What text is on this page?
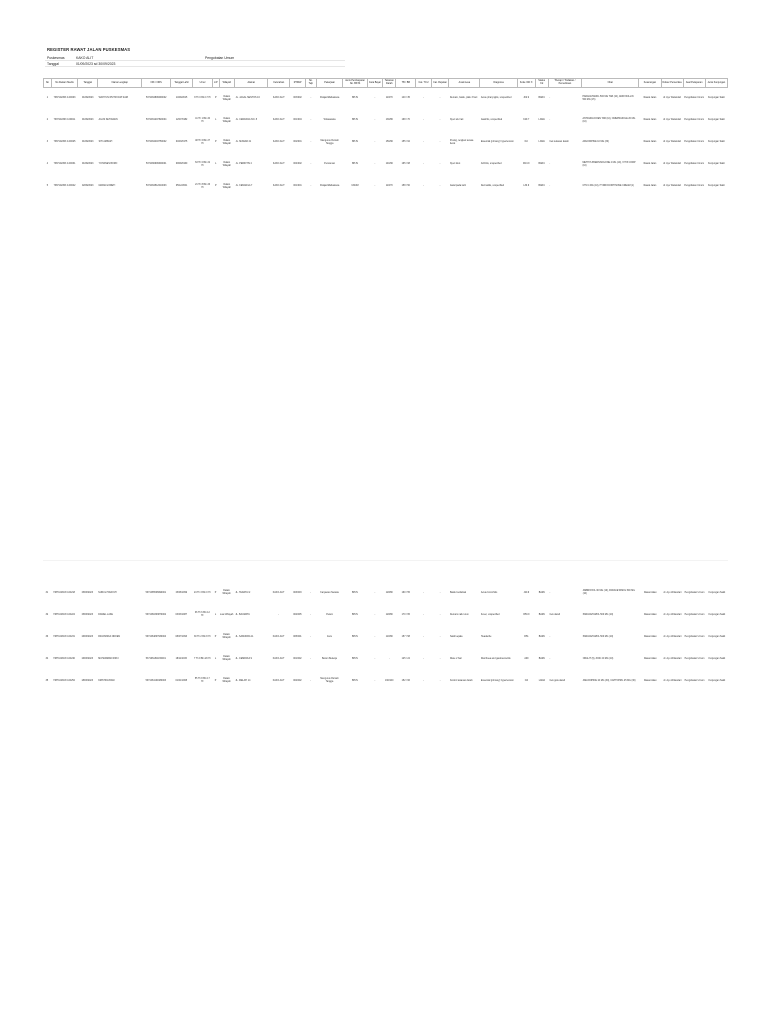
REGISTER RAWAT JALAN PUSKESMAS
Puskesmas	KAKO ALIT
Tanggal	01/09/2023 sd 30/09/2023
Pengobatan Umum
No	No Rekam Medis	Tanggal	Nama Lengkap	NIK / NRS	Tanggal Lahir	Umur	L/P	Wilayah	Alamat	Kelurahan	RT/RW	No. Telp	Pekerjaan	Jenis Pembayaran No. BPJS	Cara Bayar	Tekanan Darah	TB / BB	Cat. TCU	Cat. Rujukan	Anamnesa	Diagnosa	Kode ICD X	Status Kd	Therapi / Tindakan / Pemeriksan	Obat	Keterangan	Dokter Pemeriksa	Asal Pelayanan	Jenis Kunjungan
1	7387102303 0-00003	01/09/2023	WAHYUNI PUTRI DWI SARI	5371064806090002	14/09/2015	8 Th 0 Bln 17 Hr	P	Dalam Wilayah	JL. JAGAL SENTOS 16	KAKO ALIT	003/002	-	Pelajar/Mahasiswa	BPJS	-	110/70	140 / 35	-	-	Demam, batuk, pilek 3 hari	Acute pharyngitis, unspecified	J02.9	BARU	-	PARACETAMOL 500 MG TAB (10), AMOXICILLIN 500 MG (15)	Rawat Jalan	dr. Ayu Wulandari	Pengobatan Umum	Kunjungan Sakit
2	7387102303 0-00011	01/09/2023	AGUS SETIAWAN	5371061207820004	12/07/1982	41 Th 1 Bln 20 Hr	L	Dalam Wilayah	JL. CENDANA NO. 8	KAKO ALIT	001/004	-	Wiraswasta	BPJS	-	130/80	168 / 70	-	-	Nyeri ulu hati	Gastritis, unspecified	K29.7	LAMA	-	ANTASIDA DOEN TAB (10), OMEPRAZOLE 20 MG (10)	Rawat Jalan	dr. Ayu Wulandari	Pengobatan Umum	Kunjungan Sakit
3	7387102303 0-00025	01/09/2023	SITI AMINAH	5371064403750002	04/03/1975	48 Th 6 Bln 27 Hr	P	Dalam Wilayah	JL. MAWAR 21	KAKO ALIT	002/001	-	Mengurus Rumah Tangga	BPJS	-	150/90	155 / 62	-	-	Pusing, tengkuk terasa berat	Essential (primary) hypertension	I10	LAMA	Cek tekanan darah	AMLODIPINE 10 MG (30)	Rawat Jalan	dr. Ayu Wulandari	Pengobatan Umum	Kunjungan Sakit
4	7387102303 0-00031	01/09/2023	YOHANES BORO	5371060909600001	09/09/1960	63 Th 0 Bln 22 Hr	L	Dalam Wilayah	JL. PERINTIS 4	KAKO ALIT	004/002	-	Pensiunan	BPJS	-	140/90	165 / 68	-	-	Nyeri lutut	Arthritis, unspecified	M13.9	BARU	-	METHYLPREDNISOLONE 4 MG (10), VIT B COMP (10)	Rawat Jalan	dr. Ayu Wulandari	Pengobatan Umum	Kunjungan Sakit
5	7387102303 0-00042	02/09/2023	MARIA GORETI	5371064512010003	05/12/2001	21 Th 8 Bln 26 Hr	P	Dalam Wilayah	JL. KENANGA 7	KAKO ALIT	001/001	-	Pelajar/Mahasiswa	UMUM	-	110/70	158 / 50	-	-	Gatal pada kulit	Dermatitis, unspecified	L30.9	BARU	-	CTM 4 MG (10), HYDROCORTISONE CREAM (1)	Rawat Jalan	dr. Ayu Wulandari	Pengobatan Umum	Kunjungan Sakit
31	7387102303 0-00218	15/09/2023	NURUL HIDAYAH	5371065506990001	15/06/1999	24 Th 3 Bln 0 Hr	P	Dalam Wilayah	JL. TERATAI 2	KAKO ALIT	003/003	-	Karyawan Swasta	BPJS	-	120/80	160 / 55	-	-	Batuk berdahak	Acute bronchitis	J20.9	BARU	-	AMBROXOL 30 MG (10), PARACETAMOL 500 MG (10)	Rawat Jalan	dr. Ayu Wulandari	Pengobatan Umum	Kunjungan Sakit
32	7387102303 0-00224	15/09/2023	DANIEL LAKE	5371060303870002	03/03/1987	36 Th 6 Bln 12 Hr	L	Luar Wilayah	JL. BAUMATA	-	002/005	-	Petani	BPJS	-	120/80	170 / 65	-	-	Demam naik turun	Fever, unspecified	R50.9	BARU	Cek darah	PARACETAMOL 500 MG (10)	Rawat Jalan	dr. Ayu Wulandari	Pengobatan Umum	Kunjungan Sakit
33	7387102303 0-00231	16/09/2023	FRANSISKA NDOEN	5371064807930004	08/07/1993	30 Th 2 Bln 8 Hr	P	Dalam Wilayah	JL. SAMUDRA 11	KAKO ALIT	005/001	-	Guru	BPJS	-	110/80	157 / 58	-	-	Sakit kepala	Headache	R51	BARU	-	PARACETAMOL 500 MG (10)	Rawat Jalan	dr. Ayu Wulandari	Pengobatan Umum	Kunjungan Sakit
34	7387102303 0-00240	16/09/2023	MUHAMMAD RIZKI	5371061811150001	18/11/2015	7 Th 9 Bln 29 Hr	L	Dalam Wilayah	JL. CEMPAKA 9	KAKO ALIT	001/002	-	Belum Bekerja	BPJS	-	-	125 / 24	-	-	Diare 2 hari	Diarrhoea and gastroenteritis	A09	BARU	-	ORALIT (6), ZINC 20 MG (10)	Rawat Jalan	dr. Ayu Wulandari	Pengobatan Umum	Kunjungan Sakit
35	7387102303 0-00252	18/09/2023	KRISTINA BANI	5371064101680003	01/01/1968	55 Th 8 Bln 17 Hr	P	Dalam Wilayah	JL. MELATI 14	KAKO ALIT	002/002	-	Mengurus Rumah Tangga	BPJS	-	160/100	152 / 66	-	-	Kontrol tekanan darah	Essential (primary) hypertension	I10	LAMA	Cek gula darah	AMLODIPINE 10 MG (30), CAPTOPRIL 25 MG (30)	Rawat Jalan	dr. Ayu Wulandari	Pengobatan Umum	Kunjungan Sakit
